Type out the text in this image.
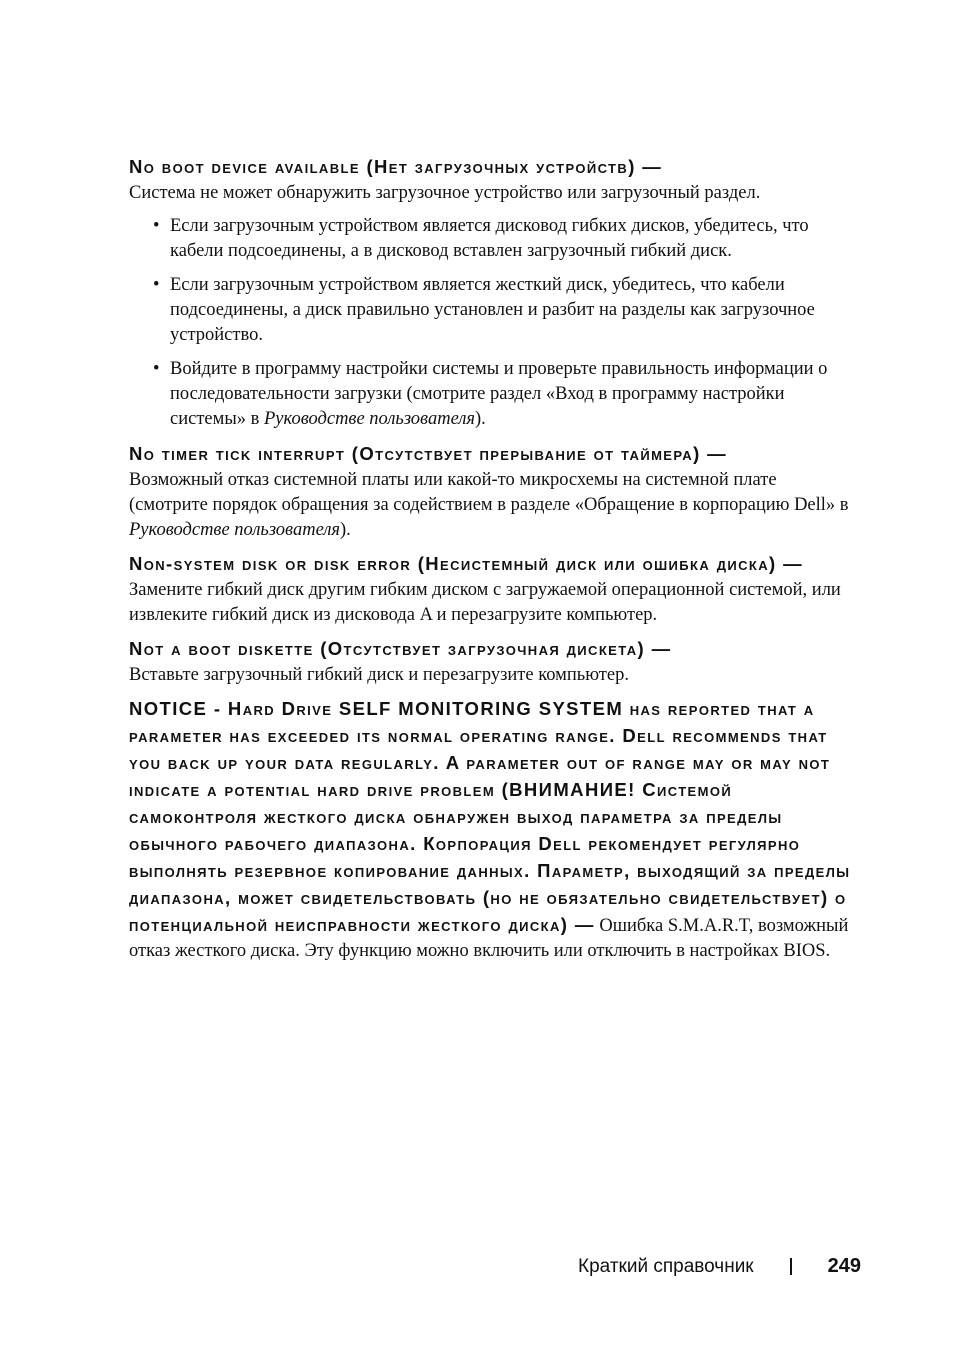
No boot device available (Нет загрузочных устройств) —

Система не может обнаружить загрузочное устройство или загрузочный раздел.

• Если загрузочным устройством является дисковод гибких дисков, убедитесь, что кабели подсоединены, а в дисковод вставлен загрузочный гибкий диск.
• Если загрузочным устройством является жесткий диск, убедитесь, что кабели подсоединены, а диск правильно установлен и разбит на разделы как загрузочное устройство.
• Войдите в программу настройки системы и проверьте правильность информации о последовательности загрузки (смотрите раздел «Вход в программу настройки системы» в Руководстве пользователя).
No timer tick interrupt (Отсутствует прерывание от таймера) —

Возможный отказ системной платы или какой-то микросхемы на системной плате (смотрите порядок обращения за содействием в разделе «Обращение в корпорацию Dell» в Руководстве пользователя).

Non-system disk or disk error (Несистемный диск или ошибка диска) — Замените гибкий диск другим гибким диском с загружаемой операционной системой, или извлеките гибкий диск из дисковода A и перезагрузите компьютер.
Not a boot diskette (Отсутствует загрузочная дискета) —

Вставьте загрузочный гибкий диск и перезагрузите компьютер.

NOTICE - Hard Drive SELF MONITORING SYSTEM has reported that a parameter has exceeded its normal operating range. Dell recommends that you back up your data regularly. A parameter out of range may or may not indicate a potential hard drive problem (ВНИМАНИЕ! Системой самоконтроля жесткого диска обнаружен выход параметра за пределы обычного рабочего диапазона. Корпорация Dell рекомендует регулярно выполнять резервное копирование данных. Параметр, выходящий за пределы диапазона, может свидетельствовать (но не обязательно свидетельствует) о потенциальной неисправности жесткого диска) — Ошибка S.M.A.R.T, возможный отказ жесткого диска. Эту функцию можно включить или отключить в настройках BIOS.
Краткий справочник	249
